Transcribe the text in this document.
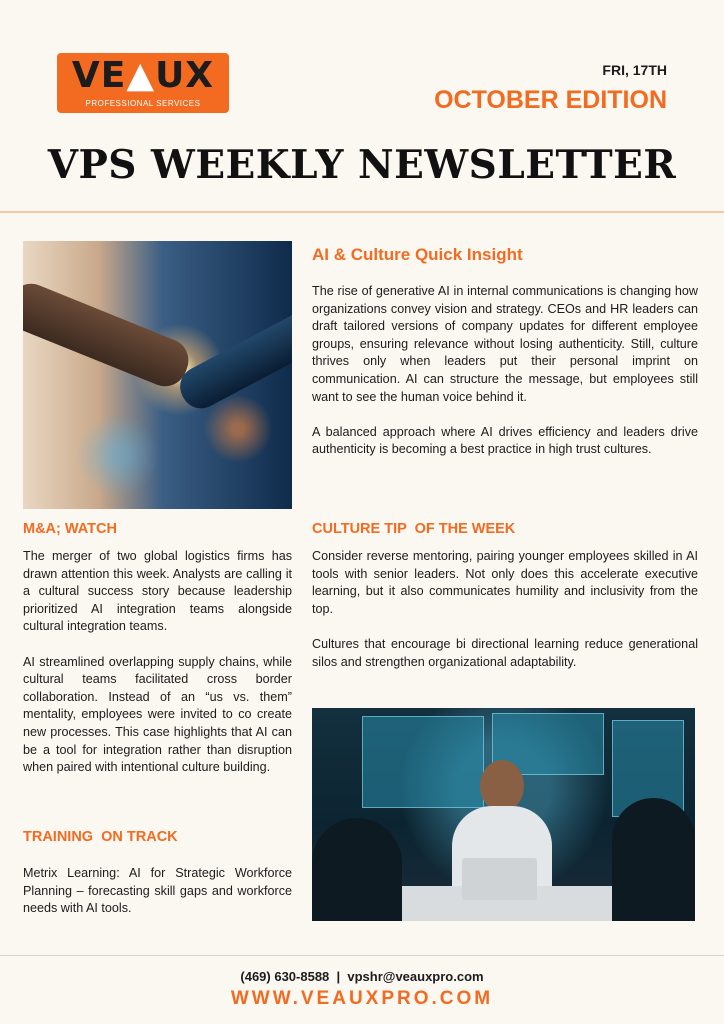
VE▲UX
PROFESSIONAL SERVICES
FRI, 17TH
OCTOBER EDITION
VPS WEEKLY NEWSLETTER
AI & Culture Quick Insight

The rise of generative AI in internal communications is changing how organizations convey vision and strategy. CEOs and HR leaders can draft tailored versions of company updates for different employee groups, ensuring relevance without losing authenticity. Still, culture thrives only when leaders put their personal imprint on communication. AI can structure the message, but employees still want to see the human voice behind it.

A balanced approach where AI drives efficiency and leaders drive authenticity is becoming a best practice in high trust cultures.

M&A; WATCH

The merger of two global logistics firms has drawn attention this week. Analysts are calling it a cultural success story because leadership prioritized AI integration teams alongside cultural integration teams.

AI streamlined overlapping supply chains, while cultural teams facilitated cross border collaboration. Instead of an “us vs. them” mentality, employees were invited to co create new processes. This case highlights that AI can be a tool for integration rather than disruption when paired with intentional culture building.

CULTURE TIP  OF THE WEEK

Consider reverse mentoring, pairing younger employees skilled in AI tools with senior leaders. Not only does this accelerate executive learning, but it also communicates humility and inclusivity from the top.

Cultures that encourage bi directional learning reduce generational silos and strengthen organizational adaptability.

TRAINING  ON TRACK

Metrix Learning: AI for Strategic Workforce Planning – forecasting skill gaps and workforce needs with AI tools.

(469) 630-8588  |  vpshr@veauxpro.com
WWW.VEAUXPRO.COM
